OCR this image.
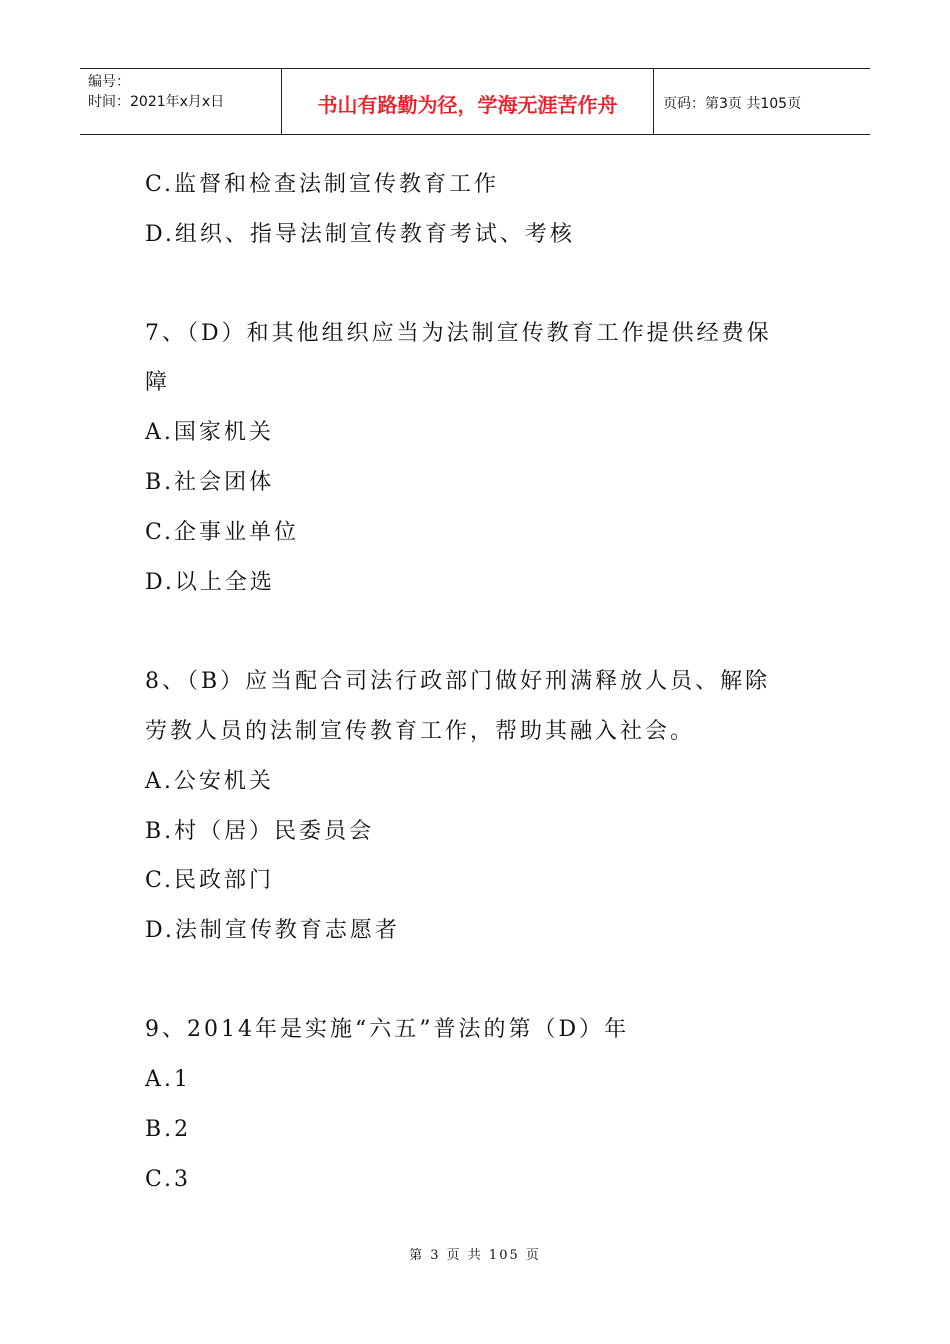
编号：
时间：2021年x月x日	书山有路勤为径，学海无涯苦作舟	页码：第3页 共105页
C.监督和检查法制宣传教育工作
D.组织、指导法制宣传教育考试、考核
7、（D）和其他组织应当为法制宣传教育工作提供经费保
障
A.国家机关
B.社会团体
C.企事业单位
D.以上全选
8、（B）应当配合司法行政部门做好刑满释放人员、解除
劳教人员的法制宣传教育工作，帮助其融入社会。
A.公安机关
B.村（居）民委员会
C.民政部门
D.法制宣传教育志愿者
9、2014年是实施“六五”普法的第（D）年
A.1
B.2
C.3
第 3 页 共 105 页
